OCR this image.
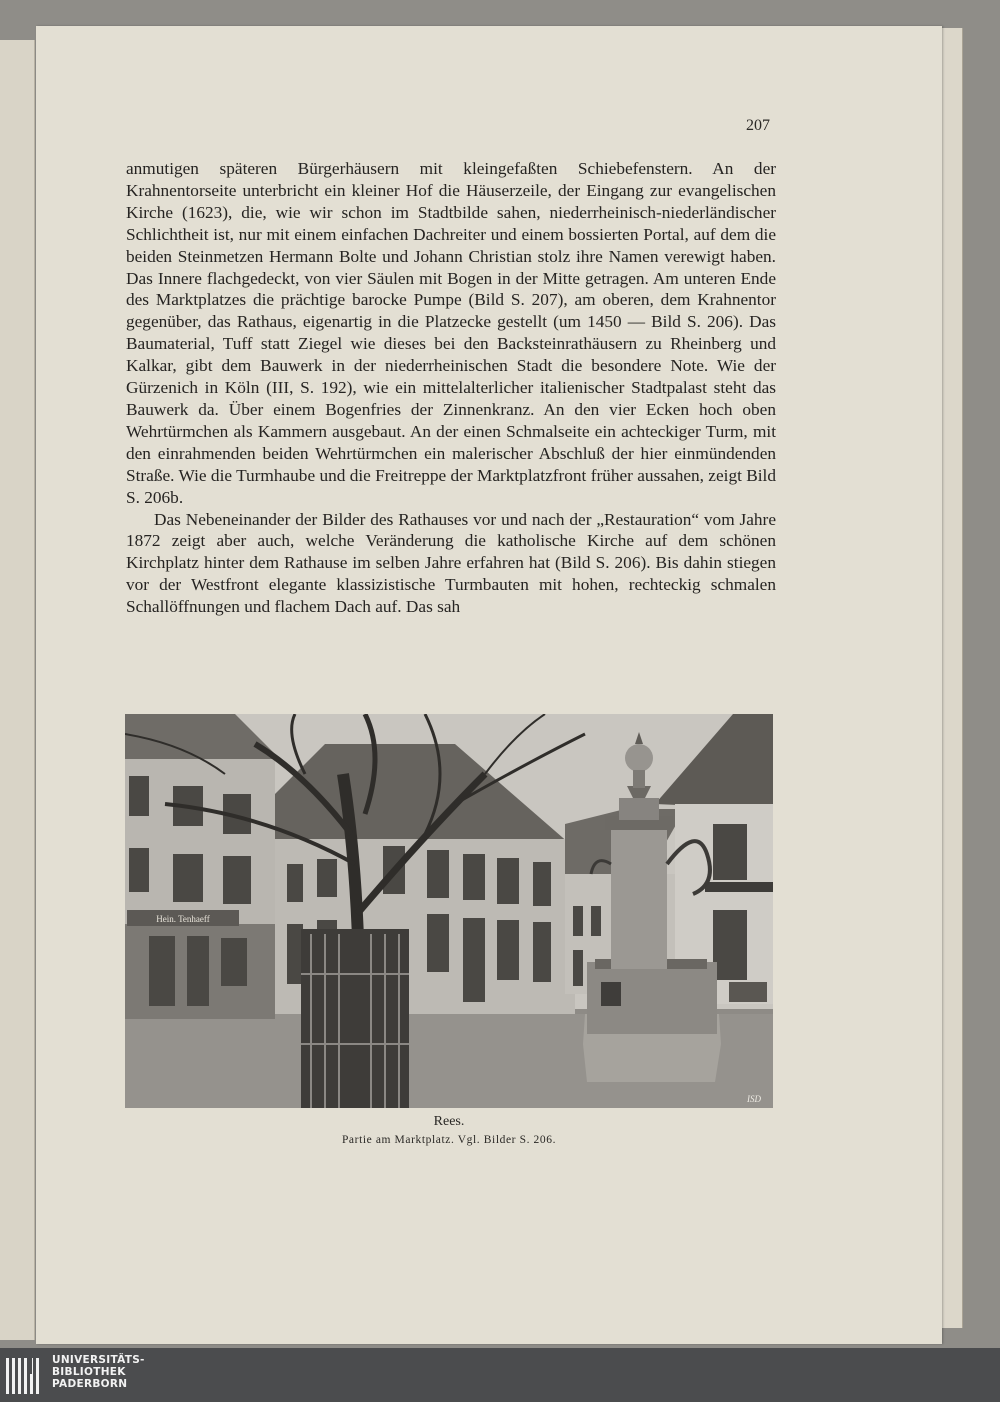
207

anmutigen späteren Bürgerhäusern mit kleingefaßten Schiebefenstern. An der Krahnentorseite unterbricht ein kleiner Hof die Häuserzeile, der Eingang zur evangelischen Kirche (1623), die, wie wir schon im Stadtbilde sahen, niederrheinisch-niederländischer Schlichtheit ist, nur mit einem einfachen Dachreiter und einem bossierten Portal, auf dem die beiden Steinmetzen Hermann Bolte und Johann Christian stolz ihre Namen verewigt haben. Das Innere flachgedeckt, von vier Säulen mit Bogen in der Mitte getragen. Am unteren Ende des Marktplatzes die prächtige barocke Pumpe (Bild S. 207), am oberen, dem Krahnentor gegenüber, das Rathaus, eigenartig in die Platzecke gestellt (um 1450 — Bild S. 206). Das Baumaterial, Tuff statt Ziegel wie dieses bei den Backsteinrathäusern zu Rheinberg und Kalkar, gibt dem Bauwerk in der niederrheinischen Stadt die besondere Note. Wie der Gürzenich in Köln (III, S. 192), wie ein mittelalterlicher italienischer Stadtpalast steht das Bauwerk da. Über einem Bogenfries der Zinnenkranz. An den vier Ecken hoch oben Wehrtürmchen als Kammern ausgebaut. An der einen Schmalseite ein achteckiger Turm, mit den einrahmenden beiden Wehrtürmchen ein malerischer Abschluß der hier einmündenden Straße. Wie die Turmhaube und die Freitreppe der Marktplatzfront früher aussahen, zeigt Bild S. 206b.

Das Nebeneinander der Bilder des Rathauses vor und nach der „Restauration“ vom Jahre 1872 zeigt aber auch, welche Veränderung die katholische Kirche auf dem schönen Kirchplatz hinter dem Rathause im selben Jahre erfahren hat (Bild S. 206). Bis dahin stiegen vor der Westfront elegante klassizistische Turmbauten mit hohen, rechteckig schmalen Schallöffnungen und flachem Dach auf. Das sah

Hein. Tenhaeff
ISD
Rees.
Partie am Marktplatz. Vgl. Bilder S. 206.
UNIVERSITÄTS-
BIBLIOTHEK
PADERBORN
